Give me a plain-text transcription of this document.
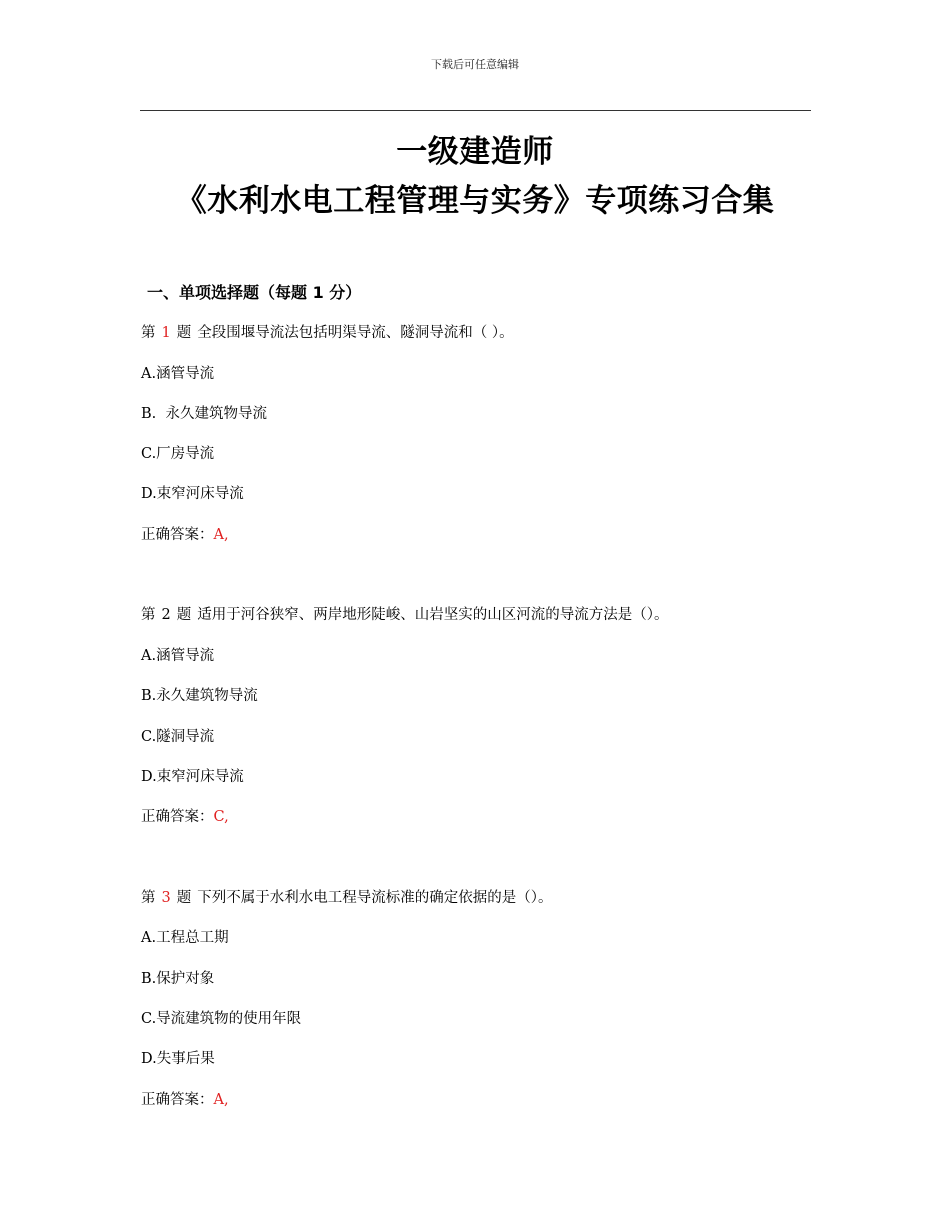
下载后可任意编辑
一级建造师
《水利水电工程管理与实务》专项练习合集
一、单项选择题（每题 1 分）
第 1 题 全段围堰导流法包括明渠导流、隧洞导流和（ ）。
A.涵管导流
B.  永久建筑物导流
C.厂房导流
D.束窄河床导流
正确答案：A,
第 2 题 适用于河谷狭窄、两岸地形陡峻、山岩坚实的山区河流的导流方法是（）。
A.涵管导流
B.永久建筑物导流
C.隧洞导流
D.束窄河床导流
正确答案：C,
第 3 题 下列不属于水利水电工程导流标准的确定依据的是（）。
A.工程总工期
B.保护对象
C.导流建筑物的使用年限
D.失事后果
正确答案：A,
